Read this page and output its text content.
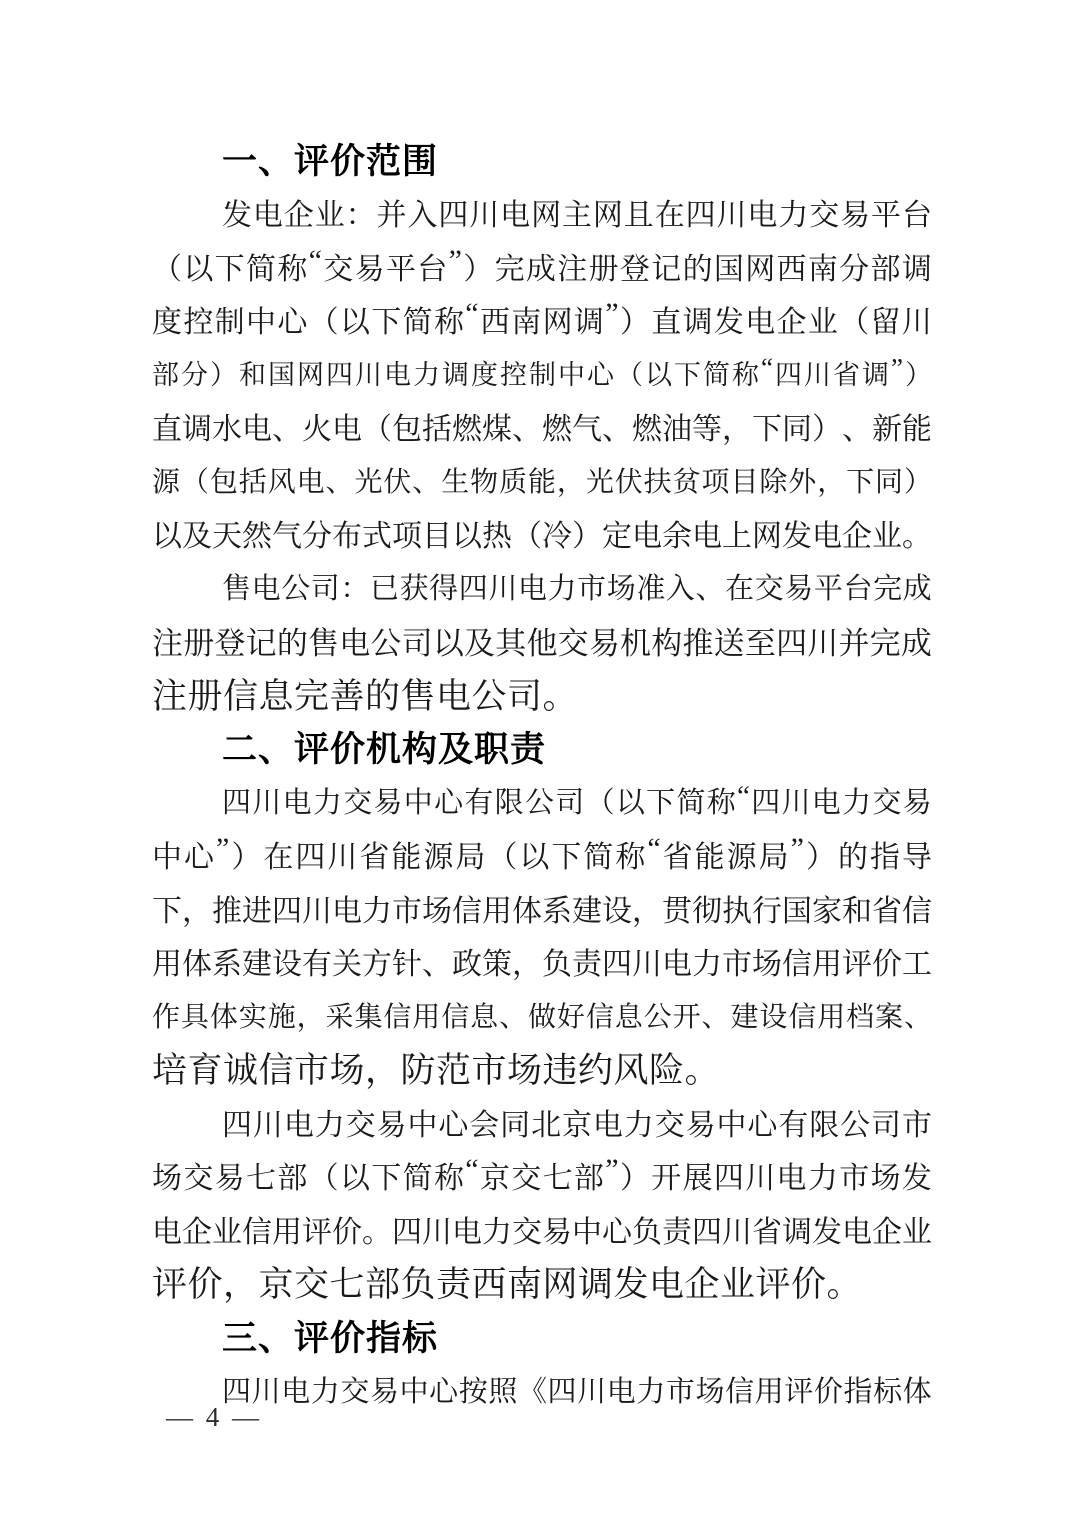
一、评价范围
发 电 企 业 ： 并 入 四 川 电 网 主 网 且 在 四 川 电 力 交 易 平 台
（ 以 下 简 称 “ 交 易 平 台 ” ） 完 成 注 册 登 记 的 国 网 西 南 分 部 调
度 控 制 中 心 （ 以 下 简 称 “ 西 南 网 调 ” ） 直 调 发 电 企 业 （ 留 川
部 分 ） 和 国 网 四 川 电 力 调 度 控 制 中 心 （ 以 下 简 称 “ 四 川 省 调 ” ）
直 调 水 电 、 火 电 （ 包 括 燃 煤 、 燃 气 、 燃 油 等 ， 下 同 ） 、 新 能
源 （ 包 括 风 电 、 光 伏 、 生 物 质 能 ， 光 伏 扶 贫 项 目 除 外 ， 下 同 ）
以 及 天 然 气 分 布 式 项 目 以 热 （ 冷 ） 定 电 余 电 上 网 发 电 企 业 。
售 电 公 司 ： 已 获 得 四 川 电 力 市 场 准 入 、 在 交 易 平 台 完 成
注 册 登 记 的 售 电 公 司 以 及 其 他 交 易 机 构 推 送 至 四 川 并 完 成
注册信息完善的售电公司。
二、评价机构及职责
四 川 电 力 交 易 中 心 有 限 公 司 （ 以 下 简 称 “ 四 川 电 力 交 易
中 心 ” ） 在 四 川 省 能 源 局 （ 以 下 简 称 “ 省 能 源 局 ” ） 的 指 导
下 ， 推 进 四 川 电 力 市 场 信 用 体 系 建 设 ， 贯 彻 执 行 国 家 和 省 信
用 体 系 建 设 有 关 方 针 、 政 策 ， 负 责 四 川 电 力 市 场 信 用 评 价 工
作 具 体 实 施 ， 采 集 信 用 信 息 、 做 好 信 息 公 开 、 建 设 信 用 档 案 、
培育诚信市场，防范市场违约风险。
四 川 电 力 交 易 中 心 会 同 北 京 电 力 交 易 中 心 有 限 公 司 市
场 交 易 七 部 （ 以 下 简 称 “ 京 交 七 部 ” ） 开 展 四 川 电 力 市 场 发
电 企 业 信 用 评 价 。 四 川 电 力 交 易 中 心 负 责 四 川 省 调 发 电 企 业
评价，京交七部负责西南网调发电企业评价。
三、评价指标
四 川 电 力 交 易 中 心 按 照 《 四 川 电 力 市 场 信 用 评 价 指 标 体
— 4 —
